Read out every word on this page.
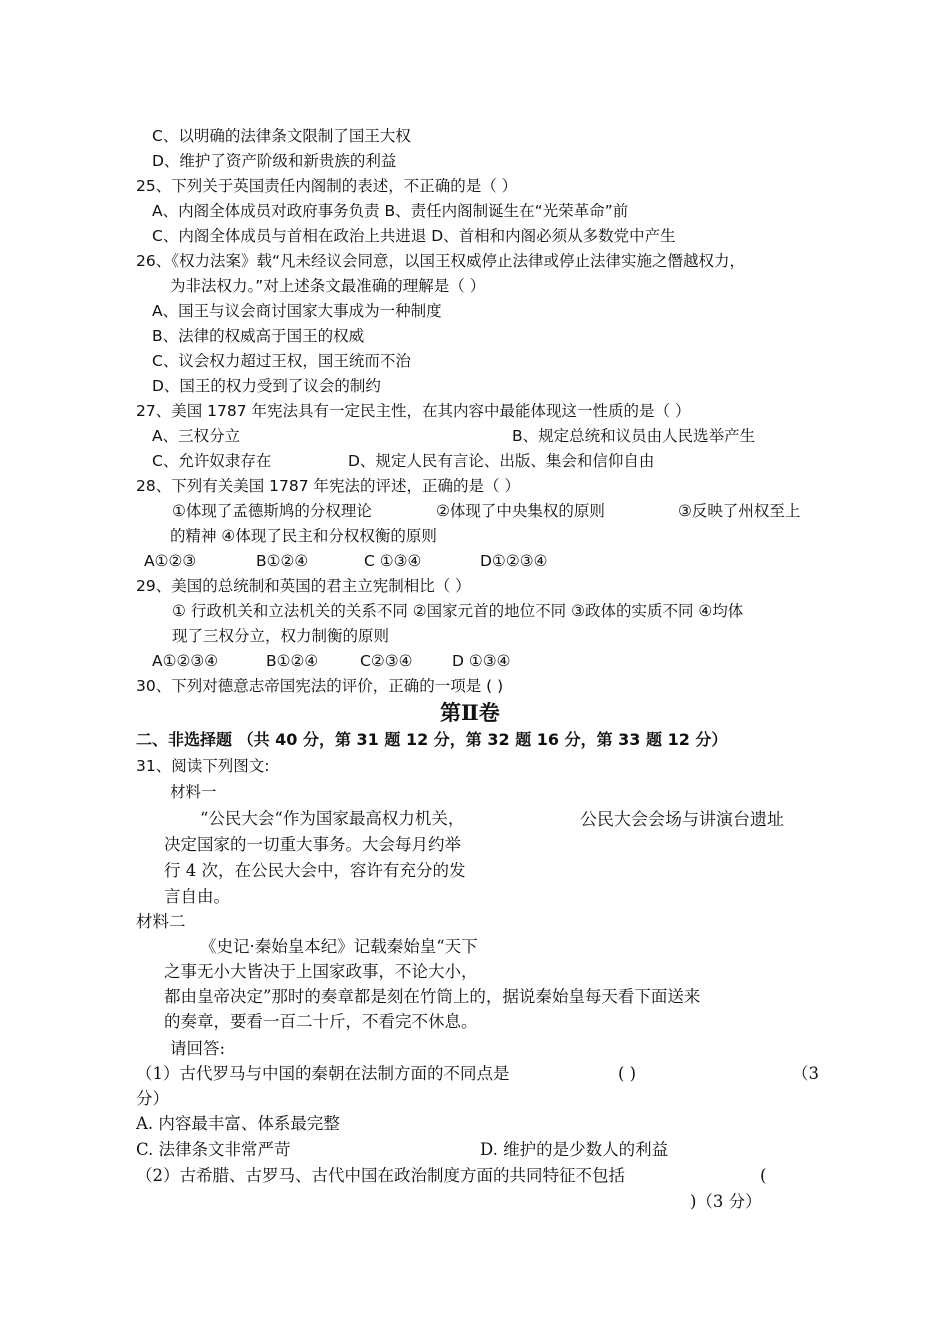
C、以明确的法律条文限制了国王大权
D、维护了资产阶级和新贵族的利益
25、下列关于英国责任内阁制的表述，不正确的是（ ）
A、内阁全体成员对政府事务负责 B、责任内阁制诞生在“光荣革命”前
C、内阁全体成员与首相在政治上共进退 D、首相和内阁必须从多数党中产生
26、《权力法案》载“凡未经议会同意，以国王权威停止法律或停止法律实施之僭越权力，
为非法权力。”对上述条文最准确的理解是（ ）
A、国王与议会商讨国家大事成为一种制度
B、法律的权威高于国王的权威
C、议会权力超过王权，国王统而不治
D、国王的权力受到了议会的制约
27、美国 1787 年宪法具有一定民主性，在其内容中最能体现这一性质的是（ ）
A、三权分立	B、规定总统和议员由人民选举产生
C、允许奴隶存在	D、规定人民有言论、出版、集会和信仰自由
28、下列有关美国 1787 年宪法的评述，正确的是（ ）
①体现了孟德斯鸠的分权理论	②体现了中央集权的原则	③反映了州权至上
的精神 ④体现了民主和分权权衡的原则
A①②③	B①②④	C ①③④	D①②③④
29、美国的总统制和英国的君主立宪制相比（ ）
① 行政机关和立法机关的关系不同 ②国家元首的地位不同 ③政体的实质不同 ④均体
现了三权分立，权力制衡的原则
A①②③④	B①②④	C②③④	D ①③④
30、下列对德意志帝国宪法的评价，正确的一项是 ( )
第Ⅱ卷
二、非选择题 （共 40 分，第 31 题 12 分，第 32 题 16 分，第 33 题 12 分）
31、阅读下列图文:
材料一
“公民大会“作为国家最高权力机关，
决定国家的一切重大事务。大会每月约举
行 4 次，在公民大会中，容许有充分的发
言自由。
公民大会会场与讲演台遗址
材料二
《史记·秦始皇本纪》记载秦始皇“天下
之事无小大皆决于上国家政事，不论大小，
都由皇帝决定”那时的奏章都是刻在竹筒上的，据说秦始皇每天看下面送来
的奏章，要看一百二十斤，不看完不休息。
请回答:
（1）古代罗马与中国的秦朝在法制方面的不同点是	( )	（3
分）
A. 内容最丰富、体系最完整
C. 法律条文非常严苛	D. 维护的是少数人的利益
（2）古希腊、古罗马、古代中国在政治制度方面的共同特征不包括	(
)（3 分）
